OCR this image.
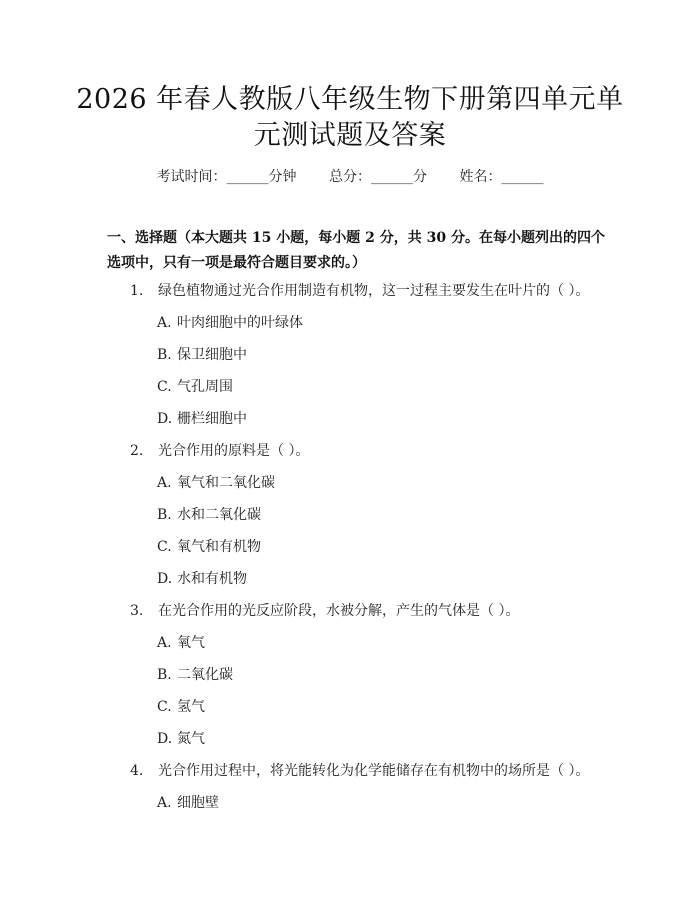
2026 年春人教版八年级生物下册第四单元单
元测试题及答案
考试时间：______分钟 总分：______分 姓名：______
一、选择题（本大题共 15 小题，每小题 2 分，共 30 分。在每小题列出的四个选项中，只有一项是最符合题目要求的。）
1. 绿色植物通过光合作用制造有机物，这一过程主要发生在叶片的（ ）。
A. 叶肉细胞中的叶绿体
B. 保卫细胞中
C. 气孔周围
D. 栅栏细胞中
2. 光合作用的原料是（ ）。
A. 氧气和二氧化碳
B. 水和二氧化碳
C. 氧气和有机物
D. 水和有机物
3. 在光合作用的光反应阶段，水被分解，产生的气体是（ ）。
A. 氧气
B. 二氧化碳
C. 氢气
D. 氮气
4. 光合作用过程中，将光能转化为化学能储存在有机物中的场所是（ ）。
A. 细胞壁
